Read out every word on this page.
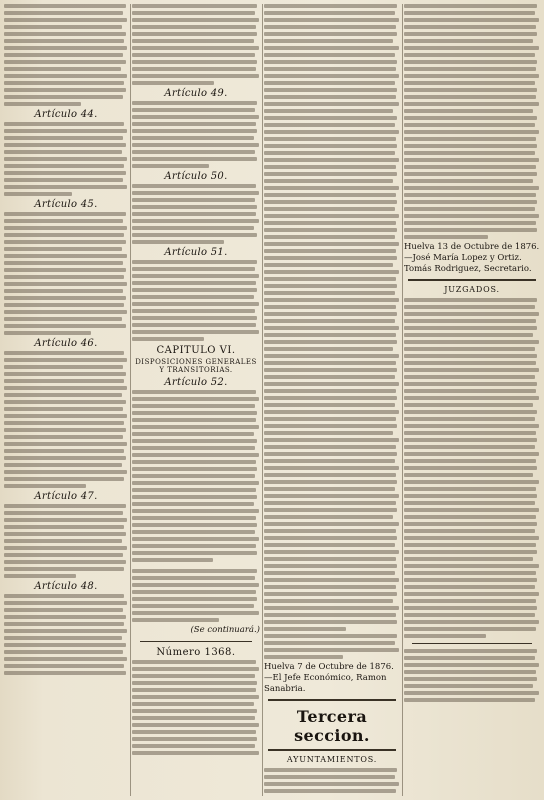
Artículo 44.
Artículo 45.
Artículo 46.
Artículo 47.
Artículo 48.
Artículo 49.
Artículo 50.
Artículo 51.
CAPITULO VI.
DISPOSICIONES GENERALES Y TRANSITORIAS.
Artículo 52.
(Se continuará.)
Número 1368.
Huelva 7 de Octubre de 1876. —El Jefe Económico, Ramon Sanabria.
Tercera seccion.
AYUNTAMIENTOS.
Huelva 13 de Octubre de 1876. —José María Lopez y Ortiz. Tomás Rodriguez, Secretario.
JUZGADOS.
